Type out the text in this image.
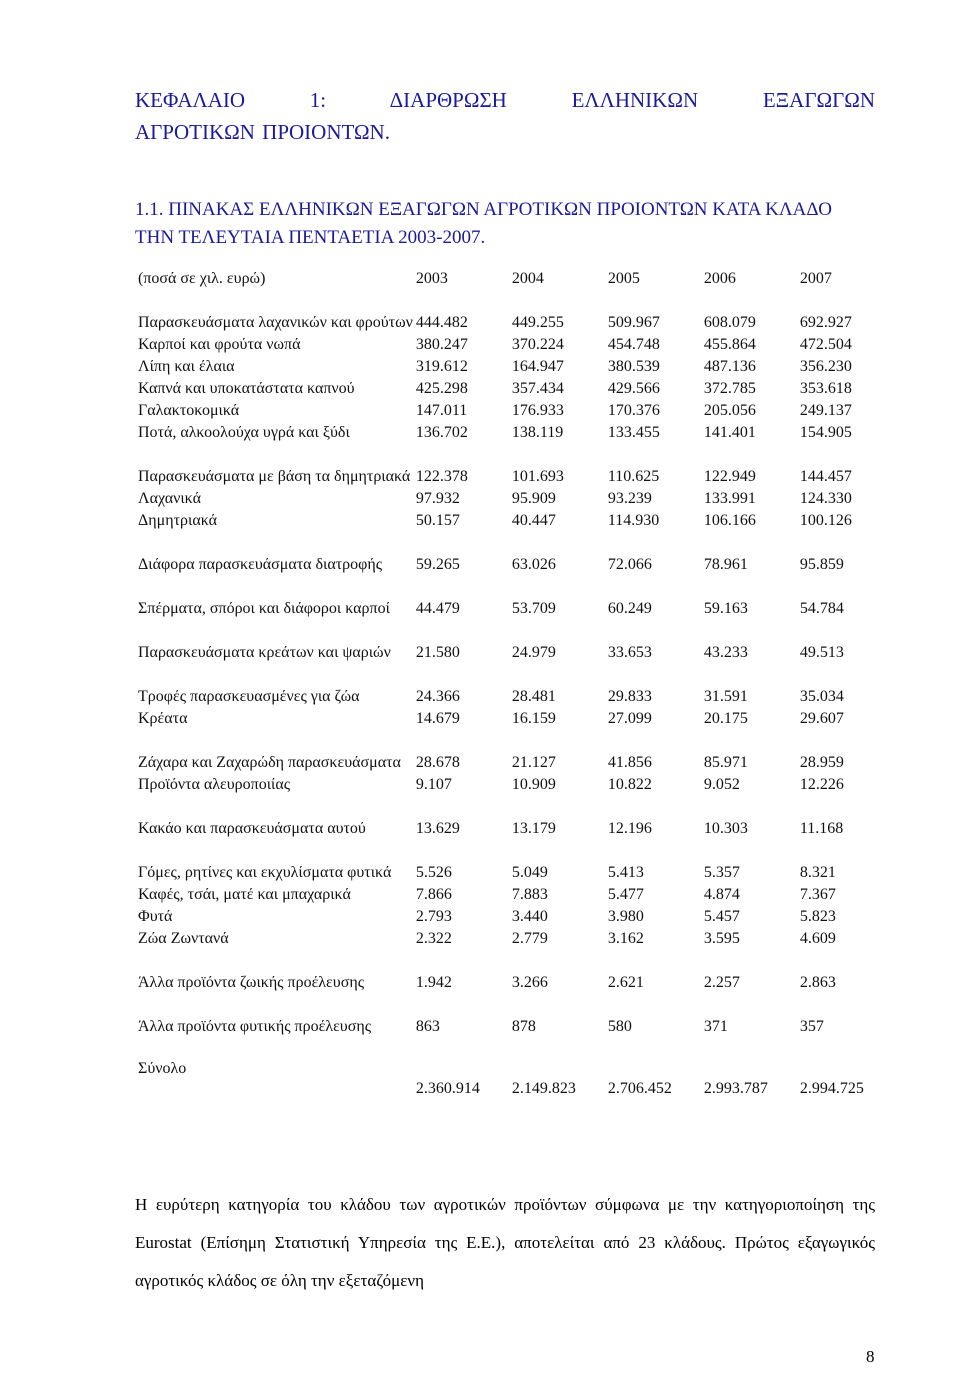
ΚΕΦΑΛΑΙΟ 1: ΔΙΑΡΘΡΩΣΗ ΕΛΛΗΝΙΚΩΝ ΕΞΑΓΩΓΩΝ
ΑΓΡΟΤΙΚΩΝ ΠΡΟΙΟΝΤΩΝ.
1.1. ΠΙΝΑΚΑΣ ΕΛΛΗΝΙΚΩΝ ΕΞΑΓΩΓΩΝ ΑΓΡΟΤΙΚΩΝ ΠΡΟΙΟΝΤΩΝ ΚΑΤΑ ΚΛΑΔΟ ΤΗΝ ΤΕΛΕΥΤΑΙΑ ΠΕΝΤΑΕΤΙΑ 2003-2007.
(ποσά σε χιλ. ευρώ)	2003	2004	2005	2006	2007
Παρασκευάσματα λαχανικών και φρούτων	444.482	449.255	509.967	608.079	692.927
Καρποί και φρούτα νωπά	380.247	370.224	454.748	455.864	472.504
Λίπη και έλαια	319.612	164.947	380.539	487.136	356.230
Καπνά και υποκατάστατα καπνού	425.298	357.434	429.566	372.785	353.618
Γαλακτοκομικά	147.011	176.933	170.376	205.056	249.137
Ποτά, αλκοολούχα υγρά και ξύδι	136.702	138.119	133.455	141.401	154.905
Παρασκευάσματα με βάση τα δημητριακά	122.378	101.693	110.625	122.949	144.457
Λαχανικά	97.932	95.909	93.239	133.991	124.330
Δημητριακά	50.157	40.447	114.930	106.166	100.126
Διάφορα παρασκευάσματα διατροφής	59.265	63.026	72.066	78.961	95.859
Σπέρματα, σπόροι και διάφοροι καρποί	44.479	53.709	60.249	59.163	54.784
Παρασκευάσματα κρεάτων και ψαριών	21.580	24.979	33.653	43.233	49.513
Τροφές παρασκευασμένες για ζώα	24.366	28.481	29.833	31.591	35.034
Κρέατα	14.679	16.159	27.099	20.175	29.607
Ζάχαρα και Ζαχαρώδη παρασκευάσματα	28.678	21.127	41.856	85.971	28.959
Προϊόντα αλευροποιίας	9.107	10.909	10.822	9.052	12.226
Κακάο και παρασκευάσματα αυτού	13.629	13.179	12.196	10.303	11.168
Γόμες, ρητίνες και εκχυλίσματα φυτικά	5.526	5.049	5.413	5.357	8.321
Καφές, τσάι, ματέ και μπαχαρικά	7.866	7.883	5.477	4.874	7.367
Φυτά	2.793	3.440	3.980	5.457	5.823
Ζώα Ζωντανά	2.322	2.779	3.162	3.595	4.609
Άλλα προϊόντα ζωικής προέλευσης	1.942	3.266	2.621	2.257	2.863
Άλλα προϊόντα φυτικής προέλευσης	863	878	580	371	357
Σύνολο	2.360.914	2.149.823	2.706.452	2.993.787	2.994.725
Η ευρύτερη κατηγορία του κλάδου των αγροτικών προϊόντων σύμφωνα με την κατηγοριοποίηση της Eurostat (Επίσημη Στατιστική Υπηρεσία της Ε.Ε.), αποτελείται από 23 κλάδους. Πρώτος εξαγωγικός αγροτικός κλάδος σε όλη την εξεταζόμενη
8
